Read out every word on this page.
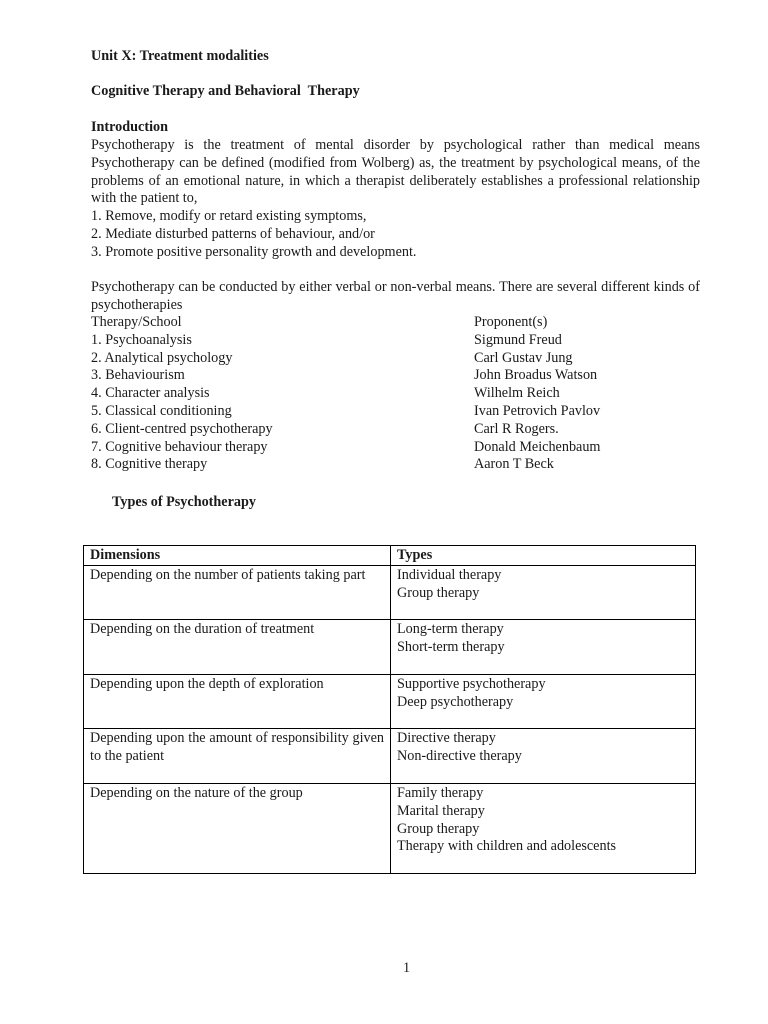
Unit X: Treatment modalities
Cognitive Therapy and Behavioral  Therapy
Introduction
Psychotherapy is the treatment of mental disorder by psychological rather than medical means Psychotherapy can be defined (modified from Wolberg) as, the treatment by psychological means, of the problems of an emotional nature, in which a therapist deliberately establishes a professional relationship with the patient to,
1. Remove, modify or retard existing symptoms,
2. Mediate disturbed patterns of behaviour, and/or
3. Promote positive personality growth and development.
Psychotherapy can be conducted by either verbal or non-verbal means. There are several different kinds of psychotherapies
Therapy/School	Proponent(s)
1. Psychoanalysis	Sigmund Freud
2. Analytical psychology	Carl Gustav Jung
3. Behaviourism	John Broadus Watson
4. Character analysis	Wilhelm Reich
5. Classical conditioning	Ivan Petrovich Pavlov
6. Client-centred psychotherapy	Carl R Rogers.
7. Cognitive behaviour therapy	Donald Meichenbaum
8. Cognitive therapy	Aaron T Beck
Types of Psychotherapy
Dimensions	Types
Depending on the number of patients taking part	Individual therapy
Group therapy

Depending on the duration of treatment	Long-term therapy
Short-term therapy

Depending upon the depth of exploration	Supportive psychotherapy
Deep psychotherapy

Depending upon the amount of responsibility given to the patient	Directive therapy
Non-directive therapy

Depending on the nature of the group	Family therapy
Marital therapy
Group therapy
Therapy with children and adolescents
1
